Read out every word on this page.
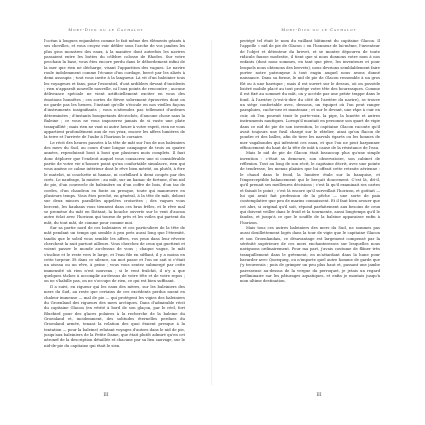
Moby-Dick ou le Cachalot

l'océan à longues enjambées comme le fait même des éléments géants à ses chevilles, et vous croyez voir défiler sous l'arche de vos jambes les plus gros monstres des eaux, à la manière dont autrefois les navires passaient entre les bottes du célèbre colosse de Rhodes. Sur votre prochain la base, vous êtes encore perdu dans le débordement infini de la mer que rien ne décharge, visant l'apparition des vagues. Le navire roule indolemment comme l'écume d'un cordage, bercé par les alizés à demi assoupis ; tout vous invite à la langueur. Là vit d'un baleinier tous les voyageurs et fans, pour l'essentiel, d'ont ardiblers devant d'incidents ; rien n'apparaît nouvelle nouvelle, ni l'aux points de rencontre ; aucune délivrance spéciale ne vient artificiellement exciter en vous des émotions honnêtes ; ces sortes de fièvre sobrement éprouvées dont on ne garde pas les heures, l'instant qu'elle s'écoule en nos vieilles façons d'instruments insignifiants ; vous n'attendez pas tellement d'ardeurs déterminées ; d'instants bouquetants décrochés, d'aucune chose sans la Baleine ; ce vous ne vous imposerez jamais de si vaste une plate tranquillité ; mais rien ne vaut ni autre heure à votre esprit, rien ne vous appartient profondément aux de vos yeux, encore les affres lumières de la terre et l'arrivée de l'aube à l'horizon le corsaire.

Le récit des heures passées à la tête de mât sur l'un de nos baleiniers des mers du Sud, au cours d'une longue campagne de trois ou quatre années, reproduirait bout à bout que plusieurs mois complets. Il faut donc déplorer que l'endroit auquel vous consacrez une si considérable partie de votre vie n'honore point qu'un confortable simulacre, rien qui vous amène ce calme intérieur dont le rêve bien mérité, ou plutôt, à être le matelot, ni couchette ni hamac, ni corbillard à demi coupés par des cirés. Le naufrage, la misère : au mât, sur un hamac de fortune, d'un nid de pie, d'un couvercle de baleinière ou d'un coffre de bois, d'un tas de cordes, d'un chaudron en fonte ou presque, toute qui manœuvre en plusieurs temps. Vous êtes perché, en général, à la tête de mât, debout sur deux minces parallèles appelées croisettes ; des vagues vous bercent, les haubans vous tiennent dans ces bras frêles, et le rêve mal se promène du mât en flottant, la bouche ouverte sur le vent d'aucun autre éclat avec l'horizon qui tourne de près et les voiles qui partent du mât, du tout mât, de comme pour comme moi.

Sur sa partie nord de ces baleiniers et ces particuliers de la tête de mât pendant un temps qui semble à peu près aussi long que l'éternité, tandis que le soleil vous semble les affres, vos yeux dans leur rêverie cherchent la nuit partout ailleurs. Vous cherchez de ceux qui guettent et voient passer le monde au-dessus de vous ; chaque vague, le mât s'incline et le reste vers le large, et l'eau file en sifflant, il y a moins en cette torpeur. Et dans ce silence, un mot passe et l'on ne sait si c'était un oiseau ou un rêve, à peine ; vous vous sentez submergé par cette immensité où rien n'est nouveau ; si le vent fraîchit, il n'y a que quelques tâches à accomplir au-dessus de votre tête et de votre repos ; on ne s'habille pas, on ne s'occupe de rien, ce qui est bien suffisant.

Il a suivi, en rigueur qui les eaux des mères, sur les baleiniers des mers du Sud, au reste que certains de ces excédents perdus nuent en chaleur immense — mal de pie — qui protègent les vigies des baleiniers du Groenland des rigueurs des mers arctiques. Dans d'admirable récit du capitaine Glacon (en vérité à bord de son glaçon, par le réel, fort Bluebird pour des glaces polaires à la recherche de la baleine du Groenland et, incidemment, des solitudes éternelles perdues du Groenland armée, tenant la relation des quoi étaient presque à la tentation — pour la baleine) relatant voyages d'autres dans le nid de pie, jusqu'aux baleiniers de la Petite Dame, que était plutôt admiré qu'en cet aéronef de la description détaillée et chacune par sa lieu sauvage, sur le nid-de-pie du capitaine qui était le sien.

III
Moby-Dick ou le Cachalot

protégé tel était le nom du vaillant bâtiment du capitaine Glacon. Il l'appelle « nid de pie de Glacon » en l'honneur de lui-même, l'inventeur de l'objet et détenteur du brevet, et se montre dépourvu de toute ridicule fausse modestie, il tient que si nous donnons votre nom à nos enfants (dont nous sommes, en tant que père, les inventeurs et pour lesquels nous obtenons des brevets), nous devrions semblablement faire porter notre patronyme à tout engin auquel nous avons donné naissance. Dans sa forme, le nid de pie de Glacon ressemble à un gros fût ou à une barrique ; mais il est ouvert sur le dessus, où on possède lisiéré mobile placé au tout protège votre tête des bourrasques. Comme il est fixé au sommet du mât, on y accède par une petite trappe dans le fond. À l'arrière (c'est-à-dire du côté de l'arrière du navire), se trouve un siège confortable avec, dessous, un équipet où l'on peut ranger parapluies, cache-nez et manteaux ; et sur le devant, une râpe à cuir en cuir, où l'on pouvait tenir le porte-voix, la pipe, la lunette et autres instruments nautiques. Lorsqu'il montait en personne son quart de vigie dans ce nid de pie de son invention, le capitaine Glacon raconte qu'il avait toujours une fusil chargé sur le râtelier, ainsi qu'un flacon de poudre et des balles, afin de tirer les narvals égarés ou les bonnes de mer vagabondes qui infestent ces eaux, et que l'on ne peut harponner efficacement du haut de la tête de mât à cause de la résistance de l'eau.

Mais le nid de pie de Glacon était beaucoup plus qu'une simple invention : c'était sa demeure, son observatoire, son cabinet de réflexion. Tout au long de son récit, le capitaine décrit, avec une pointe de tendresse, les menus plaisirs que lui offrait cette retraite aérienne : le chaud dans le froid, la lumière étale sur la banquise, et l'imperceptible balancement qui le berçait doucement. C'est là, dit-il, qu'il prenait ses meilleures décisions ; c'est là qu'il examinait ses cartes et faisait le point ; c'est là encore qu'il surveillait l'horizon, et goûtait — lui qui avait fait profession de la pêche — une sorte de paix contemplative que peu de marins connaissent. Et il faut bien avouer que cet abri, si original qu'il soit, répond parfaitement aux besoins de ceux qui doivent veiller dans le froid et la tourmente, aussi longtemps qu'il le faudra, et jusqu'à ce que le souffle de la baleine apparaisse enfin à l'horizon.

Mais tous ces autres baleiniers des mers du Sud, ne sommes pas aussi douillettement logés dans la tour de vigie que le capitaine Glacon et son Groenlandais, ce désavantage est largement compensé par la sérénité supérieure de ces mers enchanteresses sur lesquelles nous naviguons ordinairement. Pour ma part, j'avais coutume de flâner très tranquillement dans le gréement, en m'attardant dans la hune pour bavarder avec Queequeg, ou n'importe quel autre homme de garde que j'y trouverais ; puis de grimper un peu plus haut et, passant une jambe paresseuse au-dessus de la vergue du perroquet, je jetais un regard préliminaire sur les pâturages aquatiques, et enfin je montais jusqu'à mon ultime destination.

III
